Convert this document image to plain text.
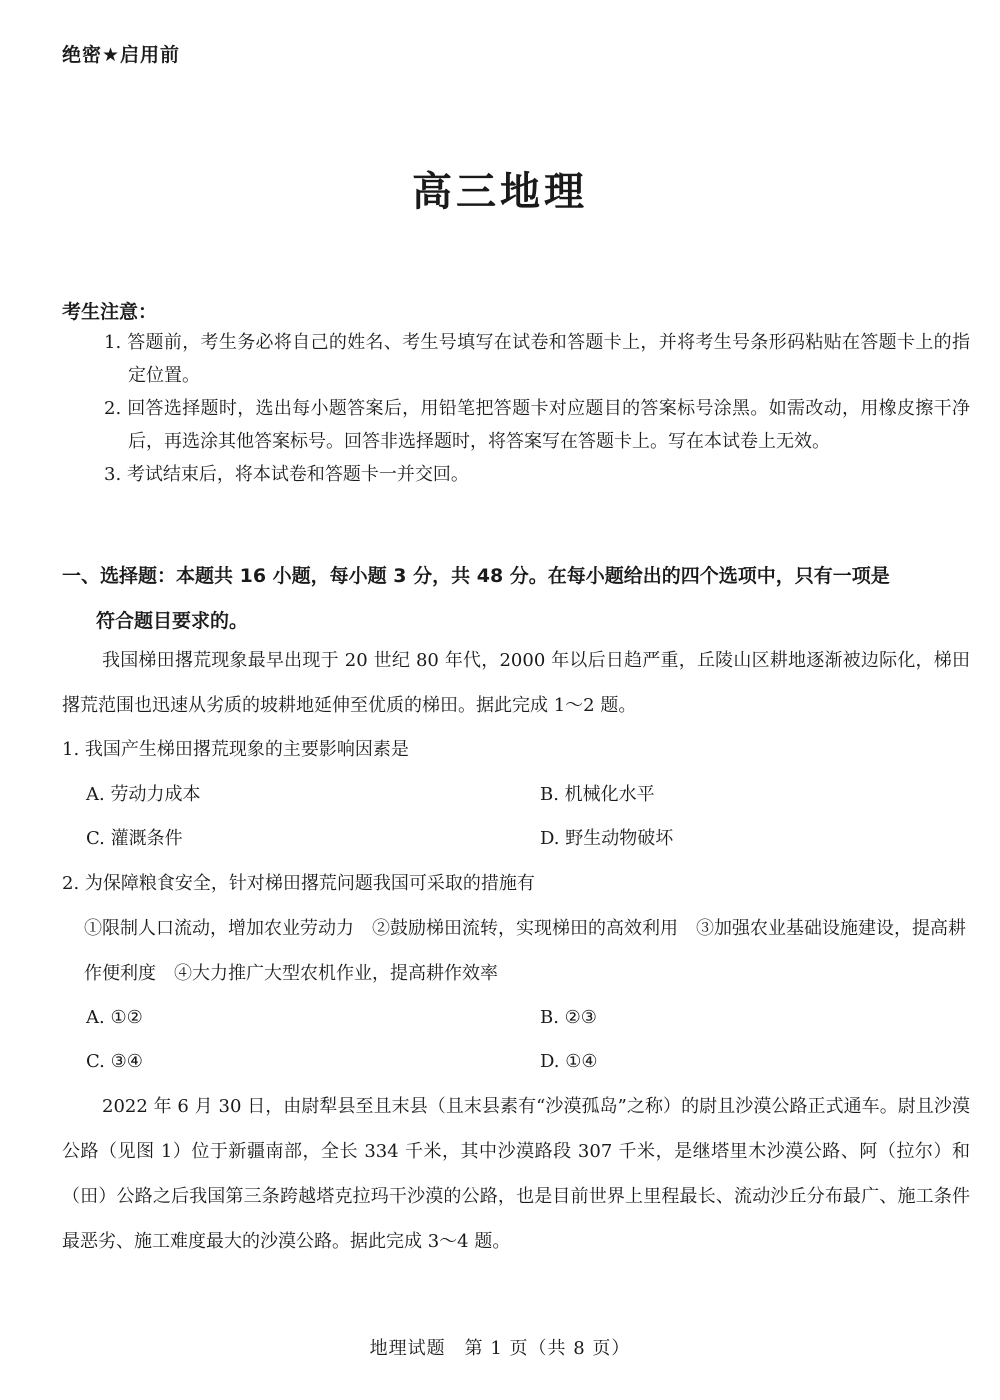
绝密★启用前
高三地理
考生注意：
1. 答题前，考生务必将自己的姓名、考生号填写在试卷和答题卡上，并将考生号条形码粘贴在答题卡上的指定位置。
2. 回答选择题时，选出每小题答案后，用铅笔把答题卡对应题目的答案标号涂黑。如需改动，用橡皮擦干净后，再选涂其他答案标号。回答非选择题时，将答案写在答题卡上。写在本试卷上无效。
3. 考试结束后，将本试卷和答题卡一并交回。
一、选择题：本题共 16 小题，每小题 3 分，共 48 分。在每小题给出的四个选项中，只有一项是
符合题目要求的。
我国梯田撂荒现象最早出现于 20 世纪 80 年代，2000 年以后日趋严重，丘陵山区耕地逐渐被边际化，梯田撂荒范围也迅速从劣质的坡耕地延伸至优质的梯田。据此完成 1～2 题。
1. 我国产生梯田撂荒现象的主要影响因素是
A. 劳动力成本	B. 机械化水平
C. 灌溉条件	D. 野生动物破坏
2. 为保障粮食安全，针对梯田撂荒问题我国可采取的措施有
①限制人口流动，增加农业劳动力　②鼓励梯田流转，实现梯田的高效利用　③加强农业基础设施建设，提高耕作便利度　④大力推广大型农机作业，提高耕作效率
A. ①②	B. ②③
C. ③④	D. ①④
2022 年 6 月 30 日，由尉犁县至且末县（且末县素有“沙漠孤岛”之称）的尉且沙漠公路正式通车。尉且沙漠公路（见图 1）位于新疆南部，全长 334 千米，其中沙漠路段 307 千米，是继塔里木沙漠公路、阿（拉尔）和（田）公路之后我国第三条跨越塔克拉玛干沙漠的公路，也是目前世界上里程最长、流动沙丘分布最广、施工条件最恶劣、施工难度最大的沙漠公路。据此完成 3～4 题。
地理试题　第 1 页（共 8 页）
